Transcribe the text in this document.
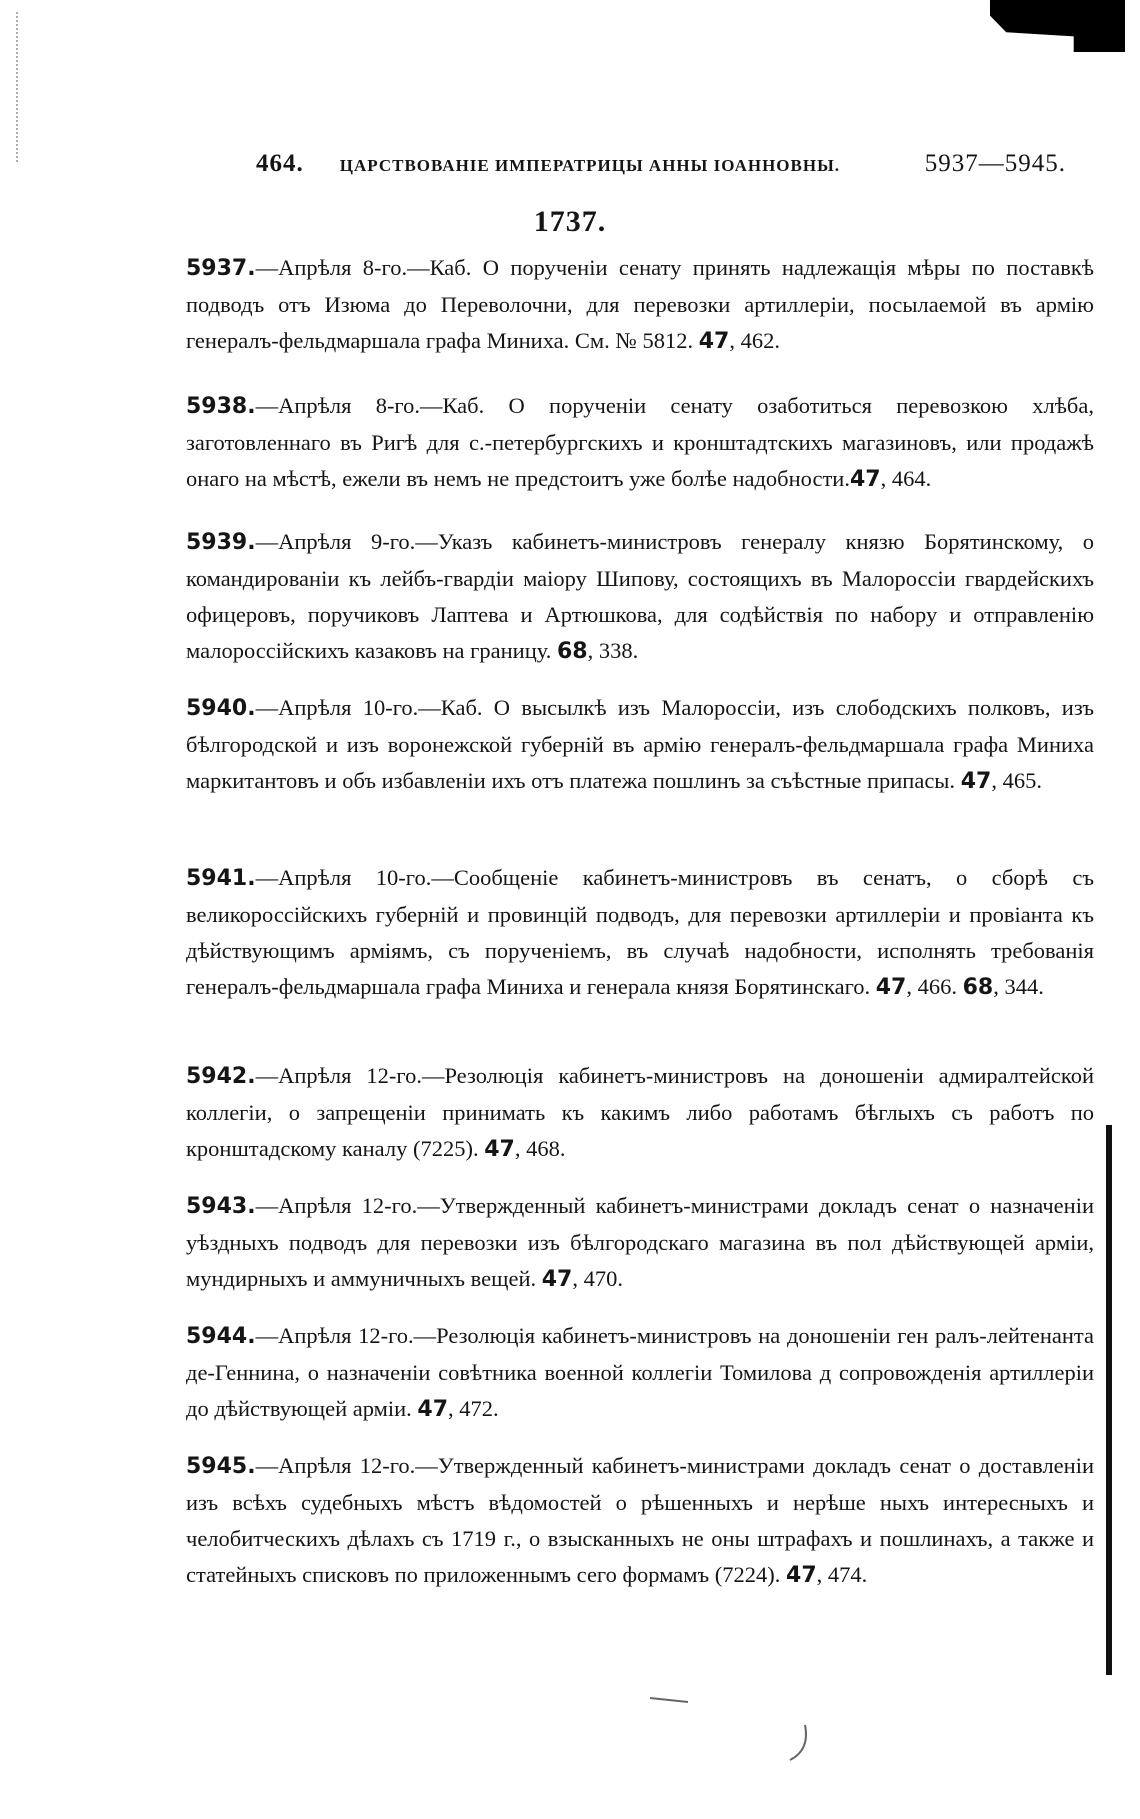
464. ЦАРСТВОВАНІЕ ИМПЕРАТРИЦЫ АННЫ ІОАННОВНЫ.	5937—5945.
1737.
5937.—Апрѣля 8-го.—Каб. О порученіи сенату принять надлежащія мѣры по поставкѣ подводъ отъ Изюма до Переволочни, для перевозки артиллеріи, посылаемой въ армію генералъ-фельдмаршала графа Миниха. См. № 5812. 47, 462.
5938.—Апрѣля 8-го.—Каб. О порученіи сенату озаботиться перевозкою хлѣба, заготовленнаго въ Ригѣ для с.-петербургскихъ и кронштадтскихъ магазиновъ, или продажѣ онаго на мѣстѣ, ежели въ немъ не предстоитъ уже болѣе надобности.47, 464.
5939.—Апрѣля 9-го.—Указъ кабинетъ-министровъ генералу князю Борятинскому, о командированіи къ лейбъ-гвардіи маіору Шипову, состоящихъ въ Малороссіи гвардейскихъ офицеровъ, поручиковъ Лаптева и Артюшкова, для содѣйствія по набору и отправленію малороссійскихъ казаковъ на границу. 68, 338.
5940.—Апрѣля 10-го.—Каб. О высылкѣ изъ Малороссіи, изъ слободскихъ полковъ, изъ бѣлгородской и изъ воронежской губерній въ армію генералъ-фельдмаршала графа Миниха маркитантовъ и объ избавленіи ихъ отъ платежа пошлинъ за съѣстные припасы. 47, 465.
5941.—Апрѣля 10-го.—Сообщеніе кабинетъ-министровъ въ сенатъ, о сборѣ съ великороссійскихъ губерній и провинцій подводъ, для перевозки артиллеріи и провіанта къ дѣйствующимъ арміямъ, съ порученіемъ, въ случаѣ надобности, исполнять требованія генералъ-фельдмаршала графа Миниха и генерала князя Борятинскаго. 47, 466. 68, 344.
5942.—Апрѣля 12-го.—Резолюція кабинетъ-министровъ на доношеніи адмиралтейской коллегіи, о запрещеніи принимать къ какимъ либо работамъ бѣглыхъ съ работъ по кронштадскому каналу (7225). 47, 468.
5943.—Апрѣля 12-го.—Утвержденный кабинетъ-министрами докладъ сенат о назначеніи уѣздныхъ подводъ для перевозки изъ бѣлгородскаго магазина въ пол дѣйствующей арміи, мундирныхъ и аммуничныхъ вещей. 47, 470.
5944.—Апрѣля 12-го.—Резолюція кабинетъ-министровъ на доношеніи ген ралъ-лейтенанта де-Геннина, о назначеніи совѣтника военной коллегіи Томилова д сопровожденія артиллеріи до дѣйствующей арміи. 47, 472.
5945.—Апрѣля 12-го.—Утвержденный кабинетъ-министрами докладъ сенат о доставленіи изъ всѣхъ судебныхъ мѣстъ вѣдомостей о рѣшенныхъ и нерѣше ныхъ интересныхъ и челобитческихъ дѣлахъ съ 1719 г., о взысканныхъ не оны штрафахъ и пошлинахъ, а также и статейныхъ списковъ по приложеннымъ сего формамъ (7224). 47, 474.
